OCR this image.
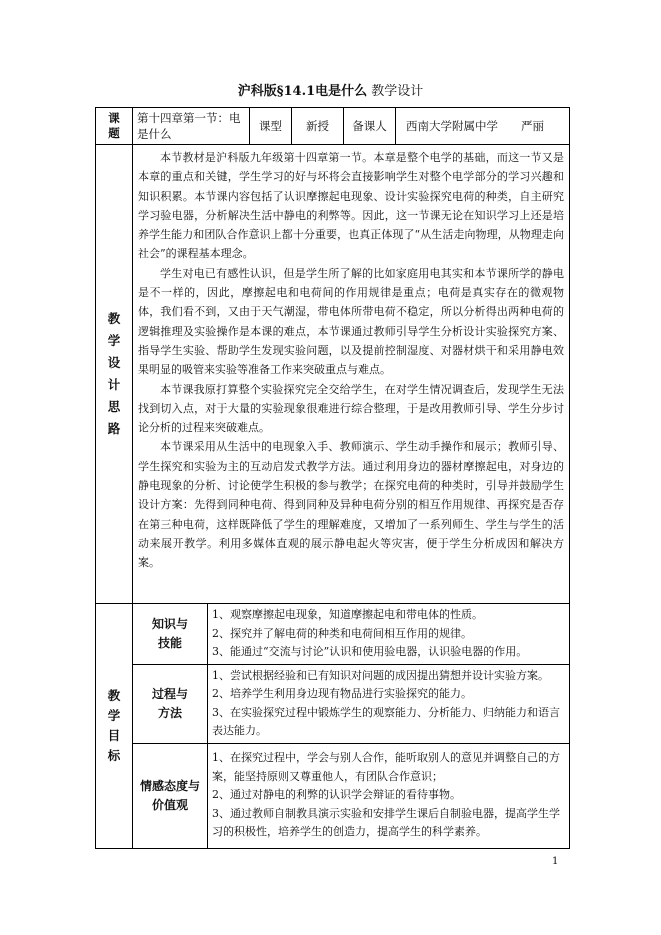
沪科版§14.1电是什么 教学设计
课题	第十四章第一节：电是什么		课型	新授	备课人	西南大学附属中学　　严丽

教学设计思路	本节教材是沪科版九年级第十四章第一节。本章是整个电学的基础，而这一节又是本章的重点和关键，学生学习的好与坏将会直接影响学生对整个电学部分的学习兴趣和知识积累。本节课内容包括了认识摩擦起电现象、设计实验探究电荷的种类，自主研究学习验电器，分析解决生活中静电的利弊等。因此，这一节课无论在知识学习上还是培养学生能力和团队合作意识上都十分重要，也真正体现了“从生活走向物理，从物理走向社会”的课程基本理念。

学生对电已有感性认识，但是学生所了解的比如家庭用电其实和本节课所学的静电是不一样的，因此，摩擦起电和电荷间的作用规律是重点；电荷是真实存在的微观物体，我们看不到，又由于天气潮湿，带电体所带电荷不稳定，所以分析得出两种电荷的逻辑推理及实验操作是本课的难点，本节课通过教师引导学生分析设计实验探究方案、指导学生实验、帮助学生发现实验问题，以及提前控制湿度、对器材烘干和采用静电效果明显的吸管来实验等准备工作来突破重点与难点。

本节课我原打算整个实验探究完全交给学生，在对学生情况调查后，发现学生无法找到切入点，对于大量的实验现象很难进行综合整理，于是改用教师引导、学生分步讨论分析的过程来突破难点。

本节课采用从生活中的电现象入手、教师演示、学生动手操作和展示；教师引导、学生探究和实验为主的互动启发式教学方法。通过利用身边的器材摩擦起电，对身边的静电现象的分析、讨论使学生积极的参与教学；在探究电荷的种类时，引导并鼓励学生设计方案：先得到同种电荷、得到同种及异种电荷分别的相互作用规律、再探究是否存在第三种电荷，这样既降低了学生的理解难度，又增加了一系列师生、学生与学生的活动来展开教学。利用多媒体直观的展示静电起火等灾害，便于学生分析成因和解决方案。					

教学目标	知识与技能	1、观察摩擦起电现象，知道摩擦起电和带电体的性质。
2、探究并了解电荷的种类和电荷间相互作用的规律。
3、能通过“交流与讨论”认识和使用验电器，认识验电器的作用。				

	过程与方法	1、尝试根据经验和已有知识对问题的成因提出猜想并设计实验方案。
2、培养学生利用身边现有物品进行实验探究的能力。
3、在实验探究过程中锻炼学生的观察能力、分析能力、归纳能力和语言表达能力。				

	情感态度与价值观	1、在探究过程中，学会与别人合作，能听取别人的意见并调整自己的方案，能坚持原则又尊重他人，有团队合作意识；
2、通过对静电的利弊的认识学会辩证的看待事物。
3、通过教师自制教具演示实验和安排学生课后自制验电器，提高学生学习的积极性，培养学生的创造力，提高学生的科学素养。				
1
